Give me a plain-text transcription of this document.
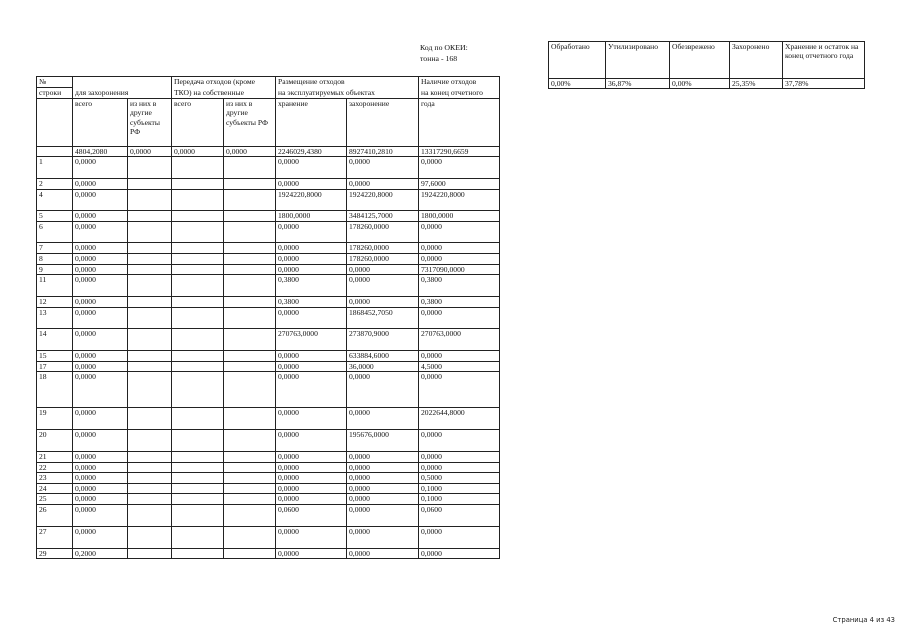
Код по ОКЕИ:
тонна - 168
№			Передача отходов (кроме		Размещение отходов		Наличие отходов
строки	для захоронения		ТКО) на собственные		на эксплуатируемых объектах		на конец отчетного
	всего	из них в другие субъекты РФ	всего	из них в другие субъекты РФ	хранение	захоронение	года
	4804,2080	0,0000	0,0000	0,0000	2246029,4380	8927410,2810	13317290,6659
1	0,0000				0,0000	0,0000	0,0000
2	0,0000				0,0000	0,0000	97,6000
4	0,0000				1924220,8000	1924220,8000	1924220,8000
5	0,0000				1800,0000	3484125,7000	1800,0000
6	0,0000				0,0000	178260,0000	0,0000
7	0,0000				0,0000	178260,0000	0,0000
8	0,0000				0,0000	178260,0000	0,0000
9	0,0000				0,0000	0,0000	7317090,0000
11	0,0000				0,3800	0,0000	0,3800
12	0,0000				0,3800	0,0000	0,3800
13	0,0000				0,0000	1868452,7050	0,0000
14	0,0000				270763,0000	273870,9000	270763,0000
15	0,0000				0,0000	633884,6000	0,0000
17	0,0000				0,0000	36,0000	4,5000
18	0,0000				0,0000	0,0000	0,0000
19	0,0000				0,0000	0,0000	2022644,8000
20	0,0000				0,0000	195676,0000	0,0000
21	0,0000				0,0000	0,0000	0,0000
22	0,0000				0,0000	0,0000	0,0000
23	0,0000				0,0000	0,0000	0,5000
24	0,0000				0,0000	0,0000	0,1000
25	0,0000				0,0000	0,0000	0,1000
26	0,0000				0,0600	0,0000	0,0600
27	0,0000				0,0000	0,0000	0,0000
29	0,2000				0,0000	0,0000	0,0000
Обработано	Утилизировано	Обезврежено	Захоронено	Хранение и остаток на конец отчетного года
0,00%	36,87%	0,00%	25,35%	37,78%
Страница 4 из 43
